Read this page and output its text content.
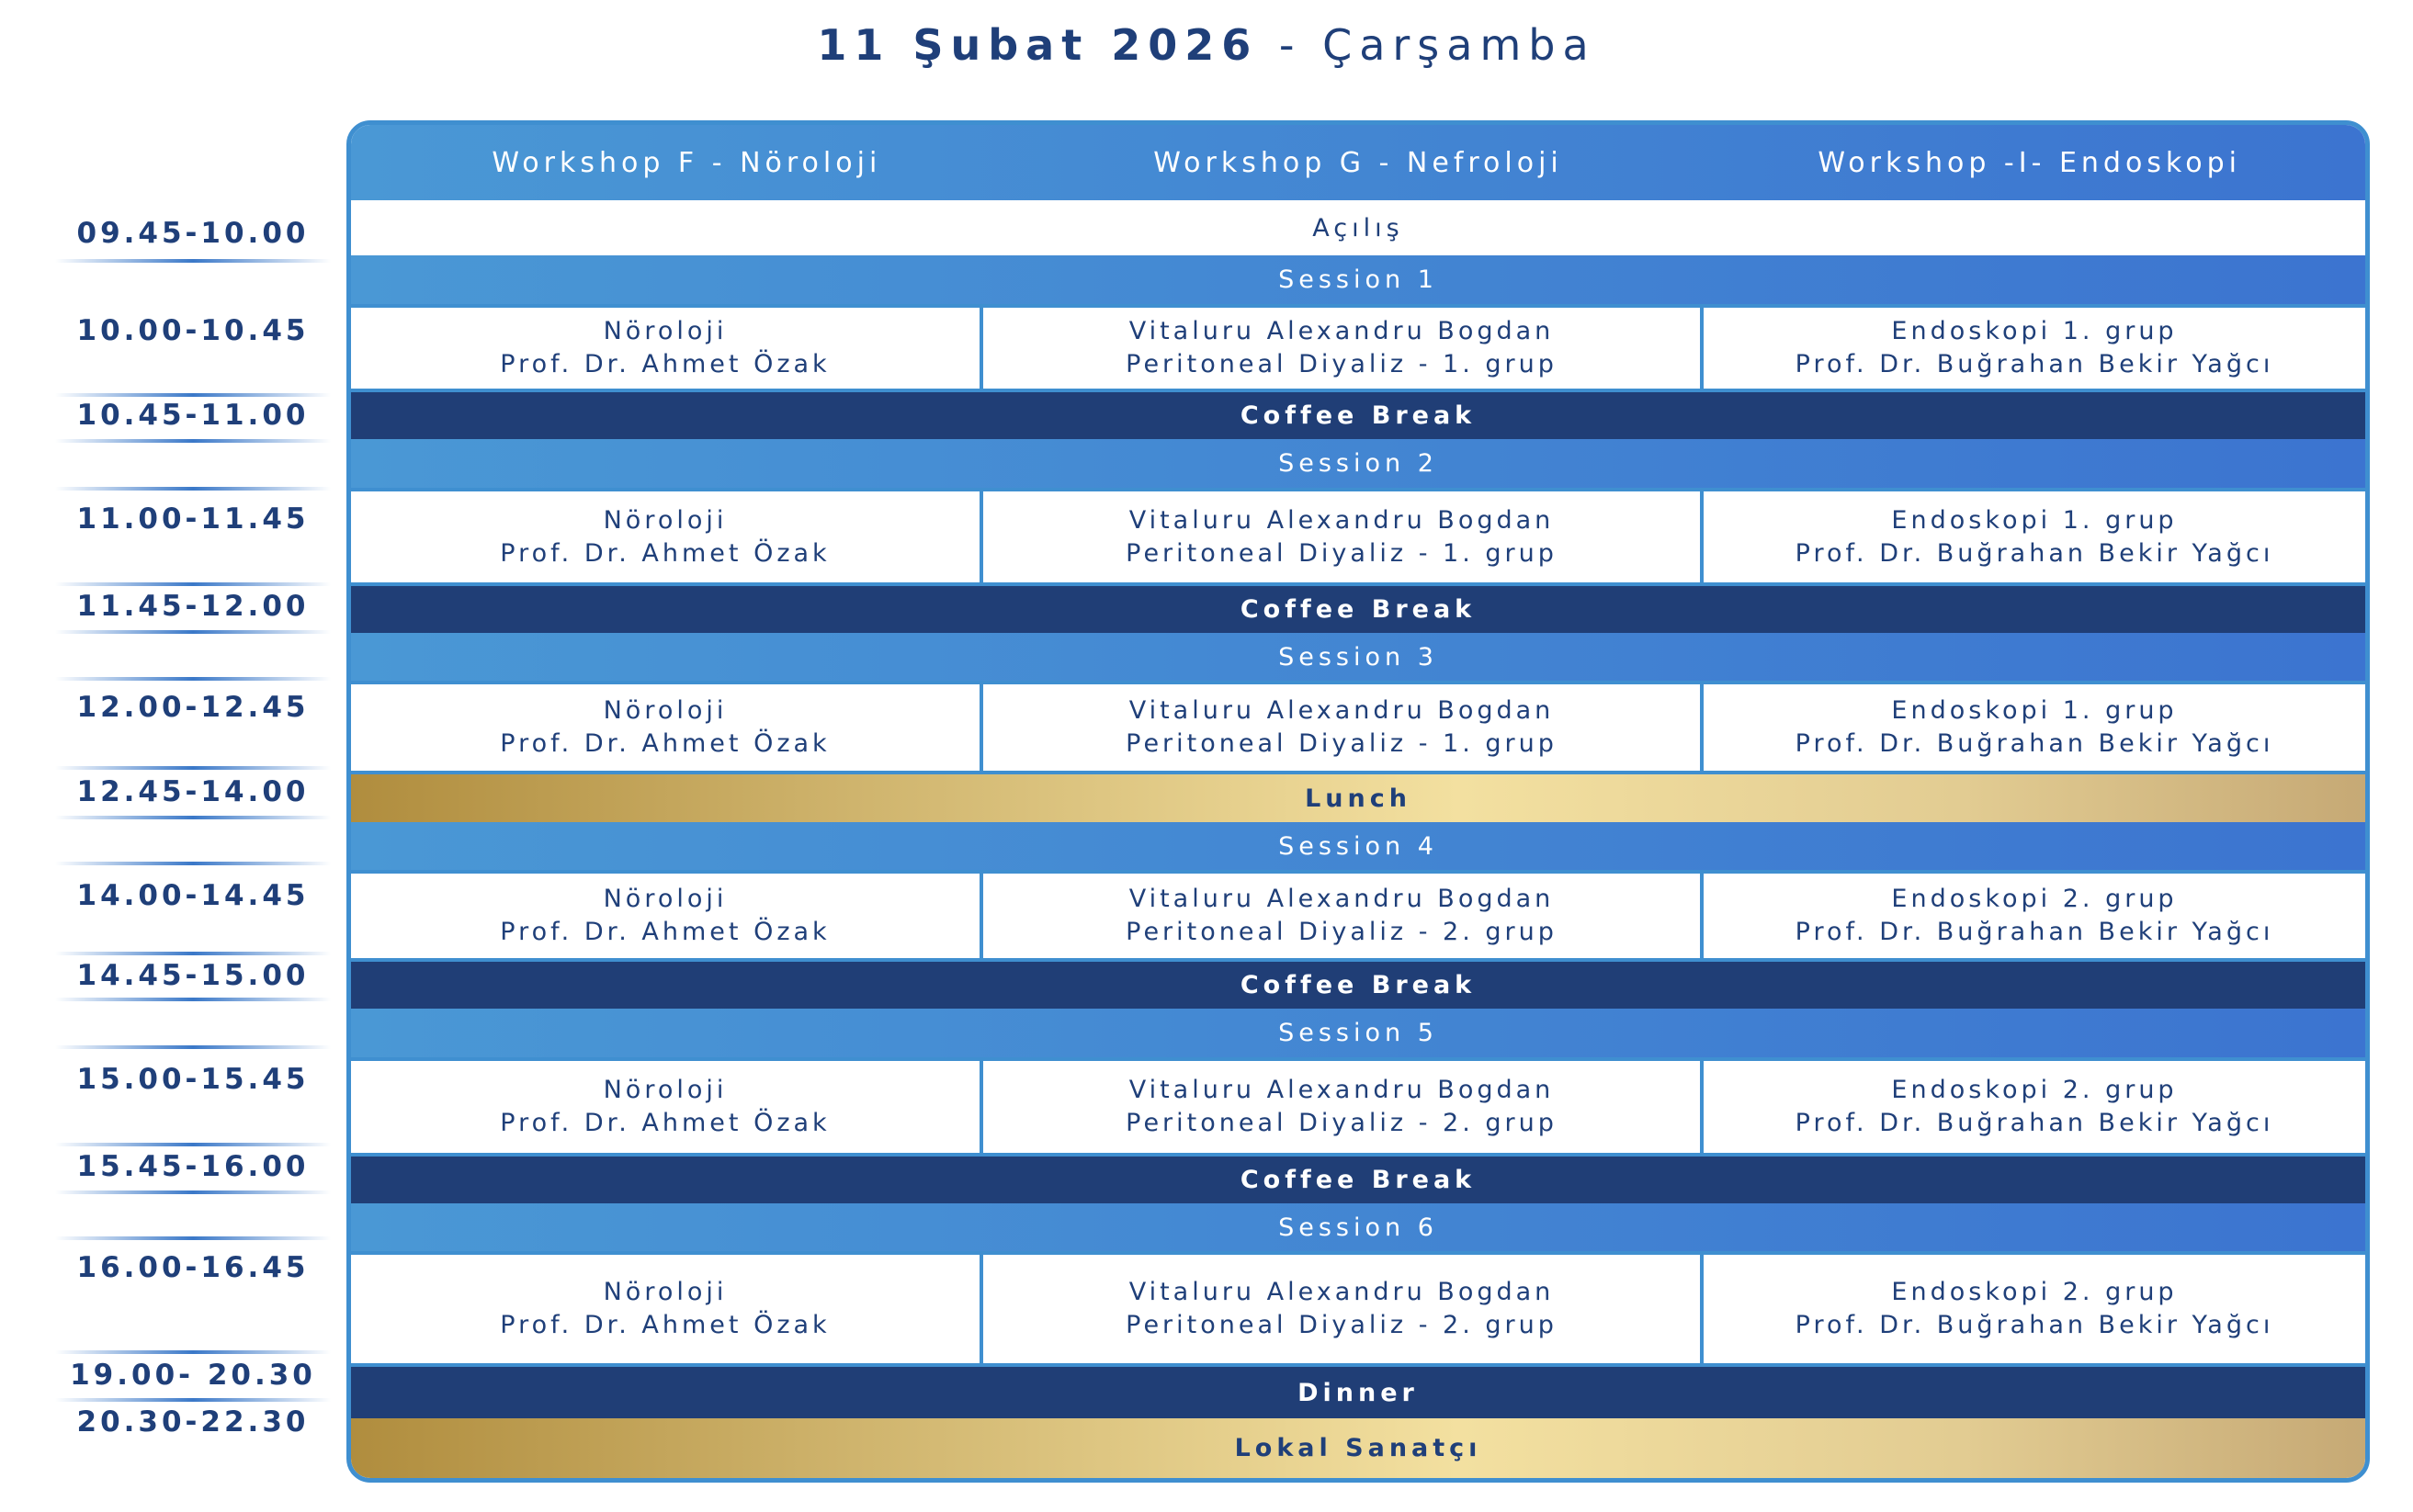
11 Şubat 2026 - Çarşamba
09.45-10.00
10.00-10.45
10.45-11.00
11.00-11.45
11.45-12.00
12.00-12.45
12.45-14.00
14.00-14.45
14.45-15.00
15.00-15.45
15.45-16.00
16.00-16.45
19.00- 20.30
20.30-22.30
Workshop F - Nöroloji	Workshop G - Nefroloji	Workshop -I- Endoskopi
Açılış
Session 1
Nöroloji
Prof. Dr. Ahmet Özak
Vitaluru Alexandru Bogdan
Peritoneal Diyaliz - 1. grup
Endoskopi 1. grup
Prof. Dr. Buğrahan Bekir Yağcı
Coffee Break
Session 2
Nöroloji
Prof. Dr. Ahmet Özak
Vitaluru Alexandru Bogdan
Peritoneal Diyaliz - 1. grup
Endoskopi 1. grup
Prof. Dr. Buğrahan Bekir Yağcı
Coffee Break
Session 3
Nöroloji
Prof. Dr. Ahmet Özak
Vitaluru Alexandru Bogdan
Peritoneal Diyaliz - 1. grup
Endoskopi 1. grup
Prof. Dr. Buğrahan Bekir Yağcı
Lunch
Session 4
Nöroloji
Prof. Dr. Ahmet Özak
Vitaluru Alexandru Bogdan
Peritoneal Diyaliz - 2. grup
Endoskopi 2. grup
Prof. Dr. Buğrahan Bekir Yağcı
Coffee Break
Session 5
Nöroloji
Prof. Dr. Ahmet Özak
Vitaluru Alexandru Bogdan
Peritoneal Diyaliz - 2. grup
Endoskopi 2. grup
Prof. Dr. Buğrahan Bekir Yağcı
Coffee Break
Session 6
Nöroloji
Prof. Dr. Ahmet Özak
Vitaluru Alexandru Bogdan
Peritoneal Diyaliz - 2. grup
Endoskopi 2. grup
Prof. Dr. Buğrahan Bekir Yağcı
Dinner
Lokal Sanatçı
